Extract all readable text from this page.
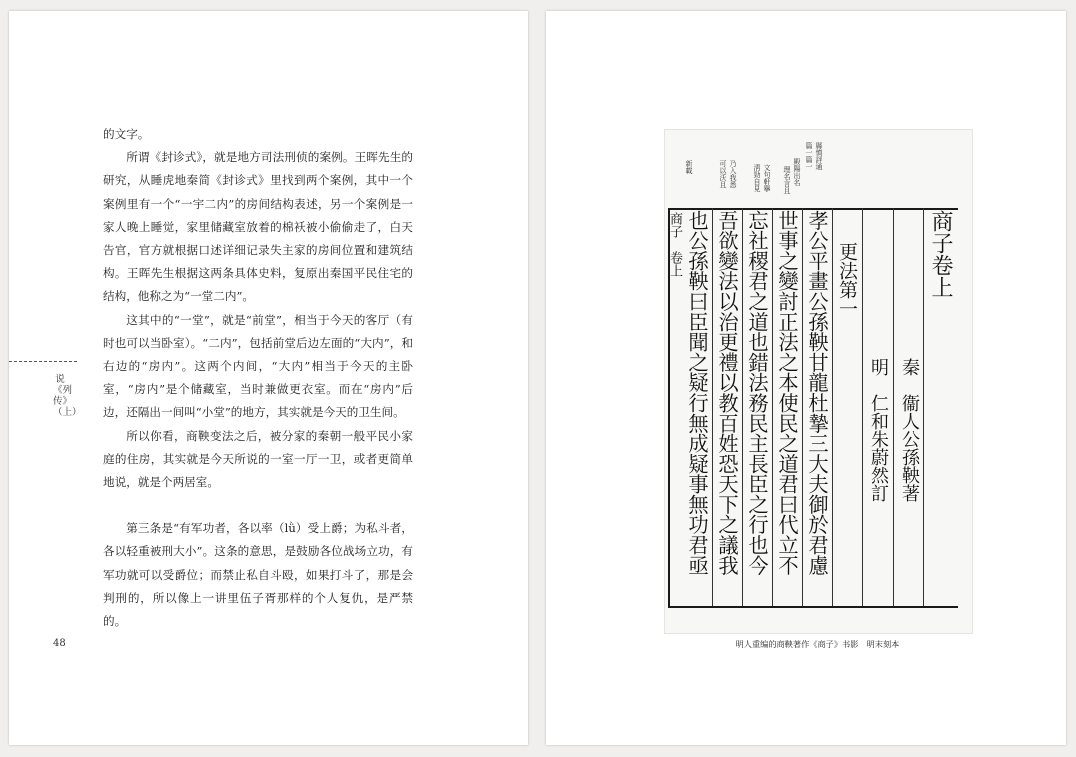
的文字。

所谓《封诊式》，就是地方司法刑侦的案例。王晖先生的研究，从睡虎地秦简《封诊式》里找到两个案例，其中一个案例里有一个“一宇二内”的房间结构表述，另一个案例是一家人晚上睡觉，家里储藏室放着的棉袄被小偷偷走了，白天告官，官方就根据口述详细记录失主家的房间位置和建筑结构。王晖先生根据这两条具体史料，复原出秦国平民住宅的结构，他称之为“一堂二内”。

这其中的“一堂”，就是“前堂”，相当于今天的客厅（有时也可以当卧室）。“二内”，包括前堂后边左面的“大内”，和右边的“房内”。这两个内间，“大内”相当于今天的主卧室，“房内”是个储藏室，当时兼做更衣室。而在“房内”后边，还隔出一间叫“小堂”的地方，其实就是今天的卫生间。

所以你看，商鞅变法之后，被分家的秦朝一般平民小家庭的住房，其实就是今天所说的一室一厅一卫，或者更简单地说，就是个两居室。

第三条是“有军功者，各以率（lǜ）受上爵；为私斗者，各以轻重被刑大小”。这条的意思，是鼓励各位战场立功，有军功就可以受爵位；而禁止私自斗殴，如果打斗了，那是会判刑的，所以像上一讲里伍子胥那样的个人复仇，是严禁的。

说《列传》（上）
48
商子卷上
秦　衞人公孫鞅著
明　仁和朱蔚然訂
更法第一
孝公平畫公孫鞅甘龍杜摯三大夫御於君慮
世事之變討正法之本使民之道君曰代立不
忘社稷君之道也錯法務民主長臣之行也今
吾欲變法以治更禮以教百姓恐天下之議我
也公孫鞅曰臣聞之疑行無成疑事無功君亟
商子　卷上
縣慎評通
篇一篇一
殿陽出名
理名言且
文句軒擧
淸勁自見
乃入我悉
可以沃且
新載
明人重编的商鞅著作《商子》书影　明末刻本
